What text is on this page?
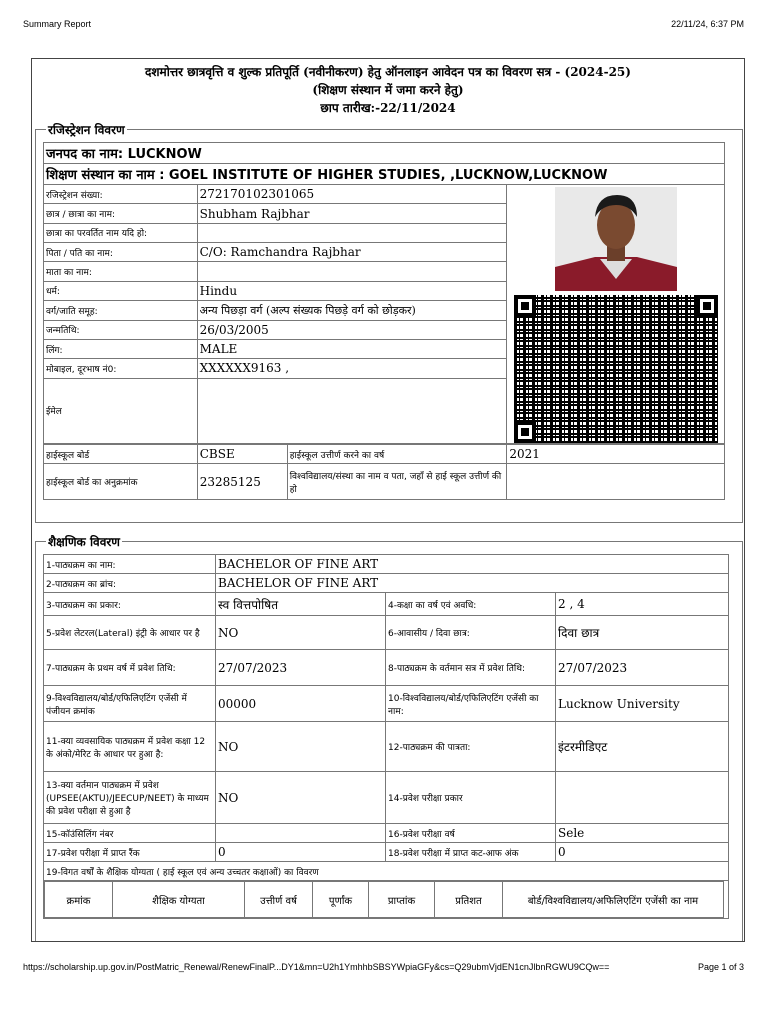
Summary Report	22/11/24, 6:37 PM
दशमोत्तर छात्रवृत्ति व शुल्क प्रतिपूर्ति (नवीनीकरण) हेतु ऑनलाइन आवेदन पत्र का विवरण सत्र - (2024-25)
(शिक्षण संस्थान में जमा करने हेतु)
छाप तारीख:-22/11/2024
रजिस्ट्रेशन विवरण
जनपद का नाम: LUCKNOW		
शिक्षण संस्थान का नाम : GOEL INSTITUTE OF HIGHER STUDIES, ,LUCKNOW,LUCKNOW		
रजिस्ट्रेशन संख्या:	272170102301065	

छात्र / छात्रा का नाम:	Shubham Rajbhar	
छात्रा का परवर्तित नाम यदि हो:		
पिता / पति का नाम:	C/O: Ramchandra Rajbhar	
माता का नाम:		
धर्म:	Hindu	
वर्ग/जाति समूह:	अन्य पिछड़ा वर्ग (अल्प संख्यक पिछड़े वर्ग को छोड़कर)	
जन्मतिथि:	26/03/2005	
लिंग:	MALE	
मोबाइल, दूरभाष नं0:	XXXXXX9163 ,	
ईमेल		
हाईस्कूल बोर्ड	CBSE	हाईस्कूल उत्तीर्ण करने का वर्ष	2021
हाईस्कूल बोर्ड का अनुक्रमांक	23285125	विश्वविद्यालय/संस्था का नाम व पता, जहाँ से हाई स्कूल उत्तीर्ण की हो	
शैक्षणिक विवरण
1-पाठ्यक्रम का नाम:	BACHELOR OF FINE ART
2-पाठ्यक्रम का ब्रांच:	BACHELOR OF FINE ART
3-पाठ्यक्रम का प्रकार:	स्व वित्तपोषित	4-कक्षा का वर्ष एवं अवधि:	2 , 4
5-प्रवेश लेटरल(Lateral) इंट्री के आधार पर है	NO	6-आवासीय / दिवा छात्र:	दिवा छात्र
7-पाठ्यक्रम के प्रथम वर्ष में प्रवेश तिथि:	27/07/2023	8-पाठ्यक्रम के वर्तमान सत्र में प्रवेश तिथि:	27/07/2023
9-विश्वविद्यालय/बोर्ड/एफिलिएटिंग एजेंसी में पंजीयन क्रमांक	00000	10-विश्वविद्यालय/बोर्ड/एफिलिएटिंग एजेंसी का नाम:	Lucknow University
11-क्या व्यवसायिक पाठ्यक्रम में प्रवेश कक्षा 12 के अंको/मेरिट के आधार पर हुआ है:	NO	12-पाठ्यक्रम की पात्रता:	इंटरमीडिएट
13-क्या वर्तमान पाठ्यक्रम में प्रवेश (UPSEE(AKTU)/JEECUP/NEET) के माध्यम की प्रवेश परीक्षा से हुआ है	NO	14-प्रवेश परीक्षा प्रकार	
15-कॉउंसिलिंग नंबर		16-प्रवेश परीक्षा वर्ष	Sele
17-प्रवेश परीक्षा में प्राप्त रैंक	0	18-प्रवेश परीक्षा में प्राप्त कट-आफ अंक	0
19-विगत वर्षों के शैक्षिक योग्यता ( हाई स्कूल एवं अन्य उच्चतर कक्षाओं) का विवरण

क्रमांक	शैक्षिक योग्यता	उत्तीर्ण वर्ष	पूर्णांक	प्राप्तांक	प्रतिशत	बोर्ड/विश्वविद्यालय/अफिलिएटिंग एजेंसी का नाम
https://scholarship.up.gov.in/PostMatric_Renewal/RenewFinalP...DY1&mn=U2h1YmhhbSBSYWpiaGFy&cs=Q29ubmVjdEN1cnJlbnRGWU9CQw==	Page 1 of 3
